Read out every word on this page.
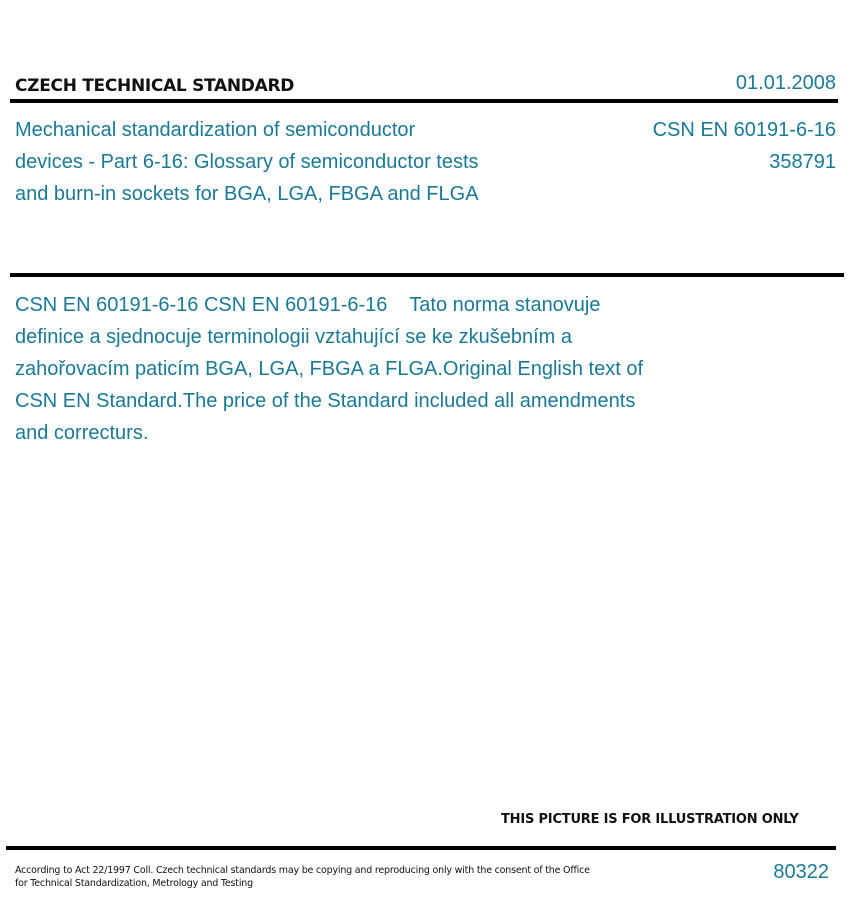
CZECH TECHNICAL STANDARD	01.01.2008
Mechanical standardization of semiconductor devices - Part 6-16: Glossary of semiconductor tests and burn-in sockets for BGA, LGA, FBGA and FLGA
CSN EN 60191-6-16
358791
CSN EN 60191-6-16 CSN EN 60191-6-16    Tato norma stanovuje definice a sjednocuje terminologii vztahující se ke zkušebním a zahořovacím paticím BGA, LGA, FBGA a FLGA.Original English text of CSN EN Standard.The price of the Standard included all amendments and correcturs.
THIS PICTURE IS FOR ILLUSTRATION ONLY
According to Act 22/1997 Coll. Czech technical standards may be copying and reproducing only with the consent of the Office
for Technical Standardization, Metrology and Testing
80322
